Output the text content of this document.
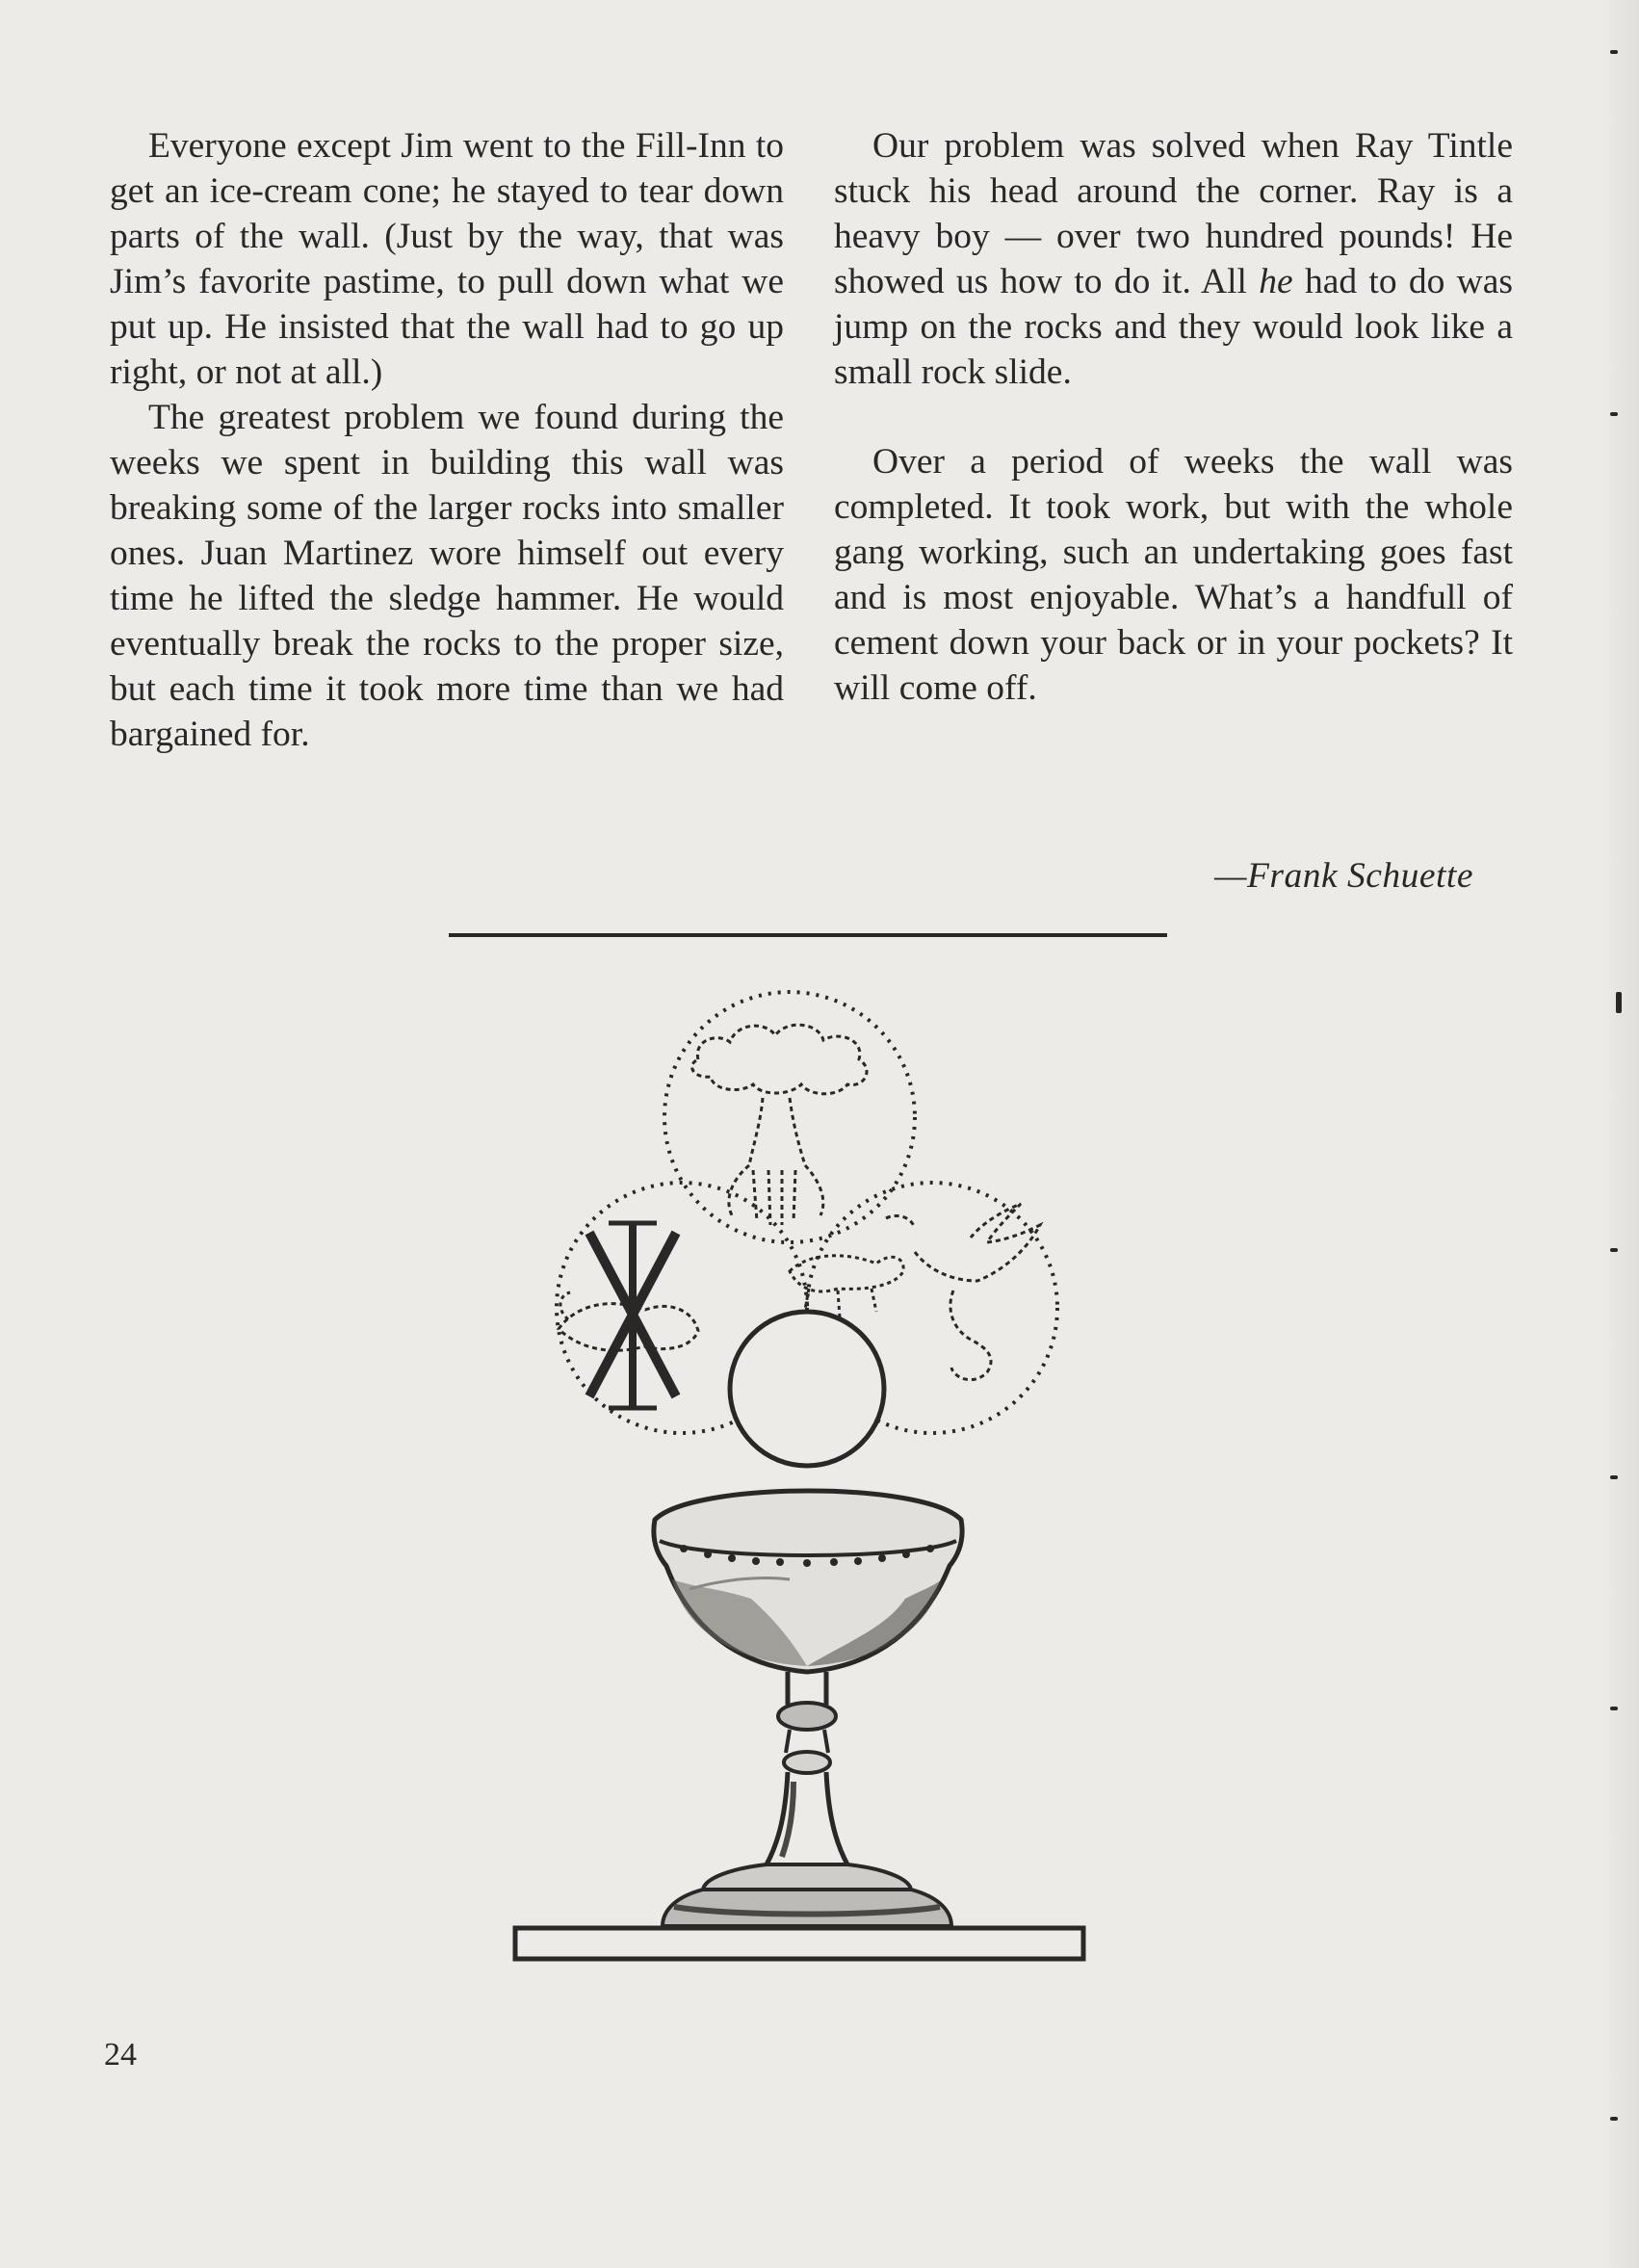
Everyone except Jim went to the Fill-Inn to get an ice-cream cone; he stayed to tear down parts of the wall. (Just by the way, that was Jim’s favorite pastime, to pull down what we put up. He insisted that the wall had to go up right, or not at all.)

The greatest problem we found during the weeks we spent in building this wall was breaking some of the larger rocks into smaller ones. Juan Martinez wore himself out every time he lifted the sledge hammer. He would eventually break the rocks to the proper size, but each time it took more time than we had bargained for.

Our problem was solved when Ray Tintle stuck his head around the corner. Ray is a heavy boy — over two hundred pounds! He showed us how to do it. All he had to do was jump on the rocks and they would look like a small rock slide.

Over a period of weeks the wall was completed. It took work, but with the whole gang working, such an undertaking goes fast and is most enjoyable. What’s a handfull of cement down your back or in your pockets? It will come off.

—Frank Schuette
24
